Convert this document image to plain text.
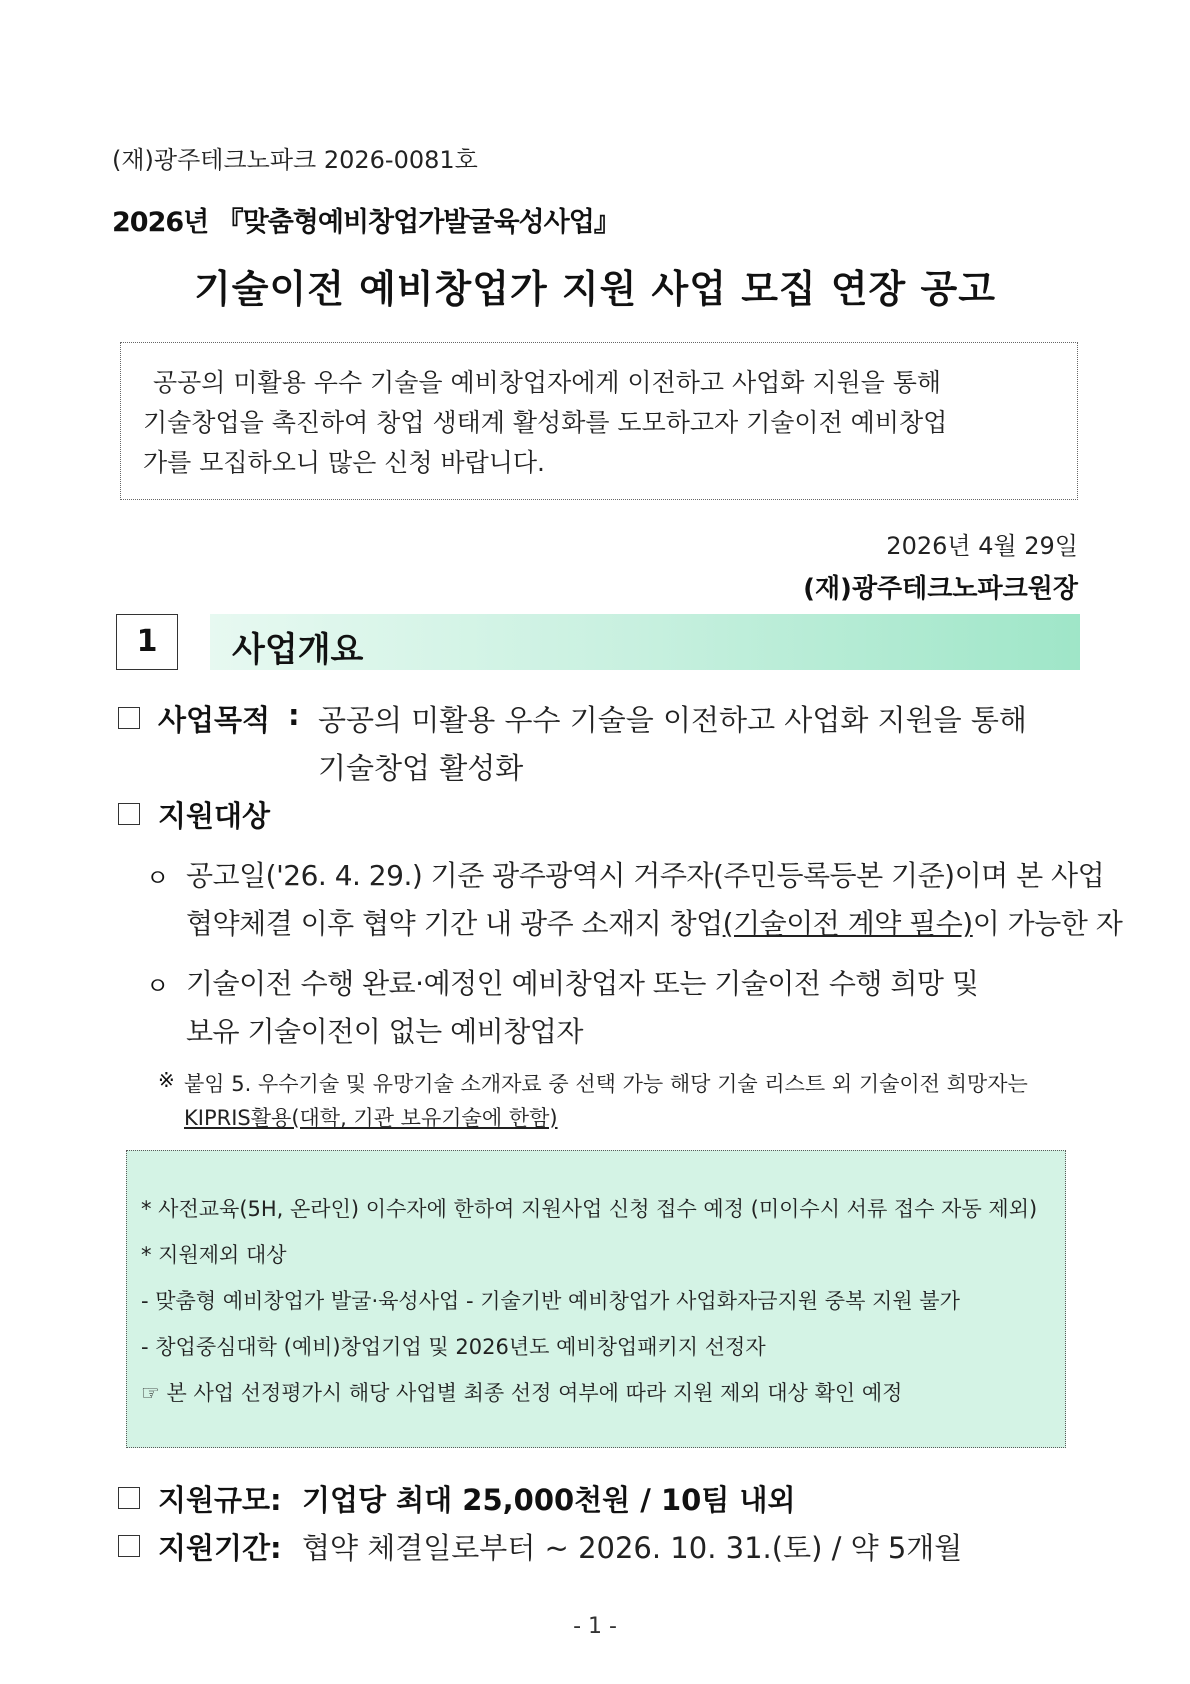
(재)광주테크노파크 2026-0081호
2026년 『맞춤형예비창업가발굴육성사업』
기술이전 예비창업가 지원 사업 모집 연장 공고
공공의 미활용 우수 기술을 예비창업자에게 이전하고 사업화 지원을 통해
기술창업을 촉진하여 창업 생태계 활성화를 도모하고자 기술이전 예비창업
가를 모집하오니 많은 신청 바랍니다.
2026년 4월 29일
(재)광주테크노파크원장
1	사업개요
사업목적 : 공공의 미활용 우수 기술을 이전하고 사업화 지원을 통해
기술창업 활성화
지원대상
ㅇ 공고일('26. 4. 29.) 기준 광주광역시 거주자(주민등록등본 기준)이며 본 사업
협약체결 이후 협약 기간 내 광주 소재지 창업(기술이전 계약 필수)이 가능한 자
ㅇ 기술이전 수행 완료·예정인 예비창업자 또는 기술이전 수행 희망 및
보유 기술이전이 없는 예비창업자
※ 붙임 5. 우수기술 및 유망기술 소개자료 중 선택 가능 해당 기술 리스트 외 기술이전 희망자는
KIPRIS활용(대학, 기관 보유기술에 한함)
* 사전교육(5H, 온라인) 이수자에 한하여 지원사업 신청 접수 예정 (미이수시 서류 접수 자동 제외)
* 지원제외 대상
- 맞춤형 예비창업가 발굴·육성사업 - 기술기반 예비창업가 사업화자금지원 중복 지원 불가
- 창업중심대학 (예비)창업기업 및 2026년도 예비창업패키지 선정자
☞ 본 사업 선정평가시 해당 사업별 최종 선정 여부에 따라 지원 제외 대상 확인 예정
지원규모: 기업당 최대 25,000천원 / 10팀 내외
지원기간: 협약 체결일로부터 ~ 2026. 10. 31.(토) / 약 5개월
- 1 -
